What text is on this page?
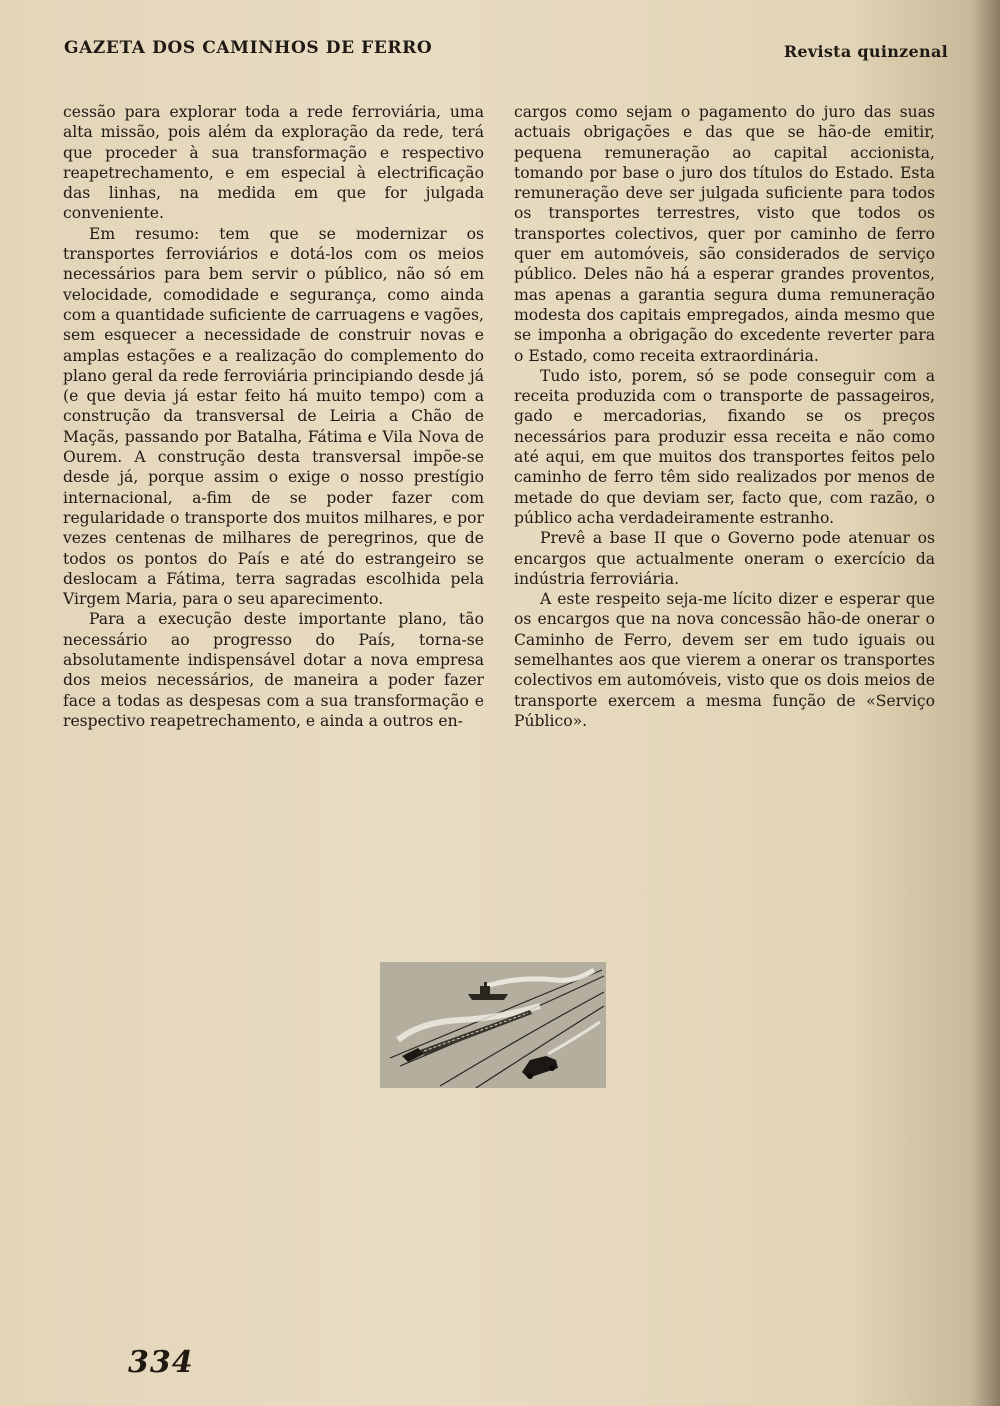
GAZETA DOS CAMINHOS DE FERRO	Revista quinzenal

cessão para explorar toda a rede ferroviária, uma alta missão, pois além da exploração da rede, terá que proceder à sua transformação e respectivo reapetrechamento, e em especial à electrificação das linhas, na medida em que for julgada conveniente.

Em resumo: tem que se modernizar os transportes ferroviários e dotá-los com os meios necessários para bem servir o público, não só em velocidade, comodidade e segurança, como ainda com a quantidade suficiente de carruagens e vagões, sem esquecer a necessidade de construir novas e amplas estações e a realização do complemento do plano geral da rede ferroviária principiando desde já (e que devia já estar feito há muito tempo) com a construção da transversal de Leiria a Chão de Maçãs, passando por Batalha, Fátima e Vila Nova de Ourem. A construção desta transversal impõe-se desde já, porque assim o exige o nosso prestígio internacional, a-fim de se poder fazer com regularidade o transporte dos muitos milhares, e por vezes centenas de milhares de peregrinos, que de todos os pontos do País e até do estrangeiro se deslocam a Fátima, terra sagradas escolhida pela Virgem Maria, para o seu aparecimento.

Para a execução deste importante plano, tão necessário ao progresso do País, torna-se absolutamente indispensável dotar a nova empresa dos meios necessários, de maneira a poder fazer face a todas as despesas com a sua transformação e respectivo reapetrechamento, e ainda a outros en-

cargos como sejam o pagamento do juro das suas actuais obrigações e das que se hão-de emitir, pequena remuneração ao capital accionista, tomando por base o juro dos títulos do Estado. Esta remuneração deve ser julgada suficiente para todos os transportes terrestres, visto que todos os transportes colectivos, quer por caminho de ferro quer em automóveis, são considerados de serviço público. Deles não há a esperar grandes proventos, mas apenas a garantia segura duma remuneração modesta dos capitais empregados, ainda mesmo que se imponha a obrigação do excedente reverter para o Estado, como receita extraordinária.

Tudo isto, porem, só se pode conseguir com a receita produzida com o transporte de passageiros, gado e mercadorias, fixando se os preços necessários para produzir essa receita e não como até aqui, em que muitos dos transportes feitos pelo caminho de ferro têm sido realizados por menos de metade do que deviam ser, facto que, com razão, o público acha verdadeiramente estranho.

Prevê a base II que o Governo pode atenuar os encargos que actualmente oneram o exercício da indústria ferroviária.

A este respeito seja-me lícito dizer e esperar que os encargos que na nova concessão hão-de onerar o Caminho de Ferro, devem ser em tudo iguais ou semelhantes aos que vierem a onerar os transportes colectivos em automóveis, visto que os dois meios de transporte exercem a mesma função de «Serviço Público».

334
